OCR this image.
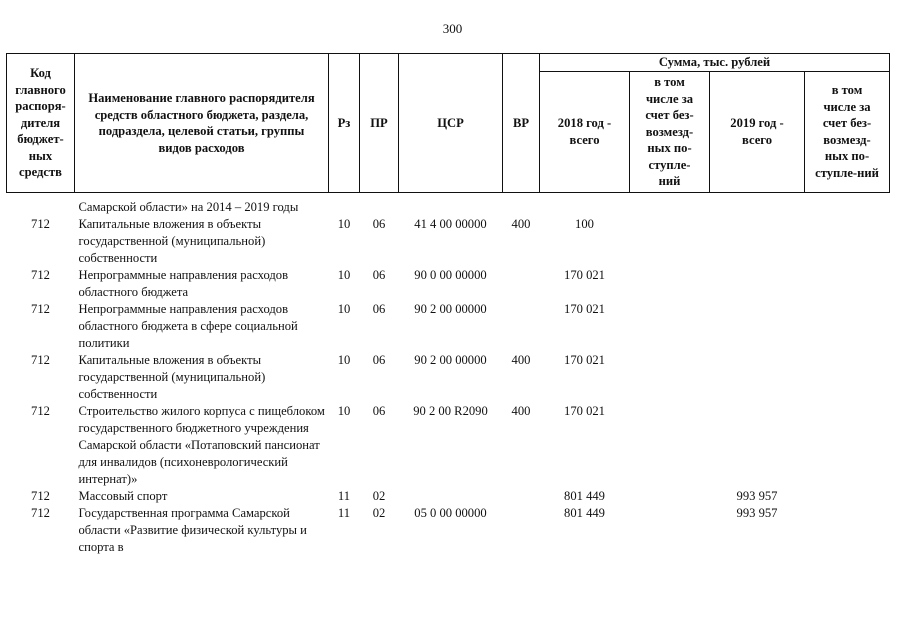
300
Код главного распоря-дителя бюджет-ных средств	Наименование главного распорядителя средств областного бюджета, раздела, подраздела, целевой статьи, группы видов расходов	Рз	ПР	ЦСР	ВР	Сумма, тыс. рублей			
						2018 год - всего	в том числе за счет без-возмезд-ных по-ступле-ний	2019 год - всего	в том числе за счет без-возмезд-ных по-ступле-ний
	Самарской области» на 2014 – 2019 годы								
712	Капитальные вложения в объекты государственной (муниципальной) собственности	10	06	41 4 00 00000	400	100			
712	Непрограммные направления расходов областного бюджета	10	06	90 0 00 00000		170 021			
712	Непрограммные направления расходов областного бюджета в сфере социальной политики	10	06	90 2 00 00000		170 021			
712	Капитальные вложения в объекты государственной (муниципальной) собственности	10	06	90 2 00 00000	400	170 021			
712	Строительство жилого корпуса с пищеблоком государственного бюджетного учреждения Самарской области «Потаповский пансионат для инвалидов (психоневрологический интернат)»	10	06	90 2 00 R2090	400	170 021			
712	Массовый спорт	11	02			801 449		993 957	
712	Государственная программа Самарской области «Развитие физической культуры и спорта в	11	02	05 0 00 00000		801 449		993 957	
